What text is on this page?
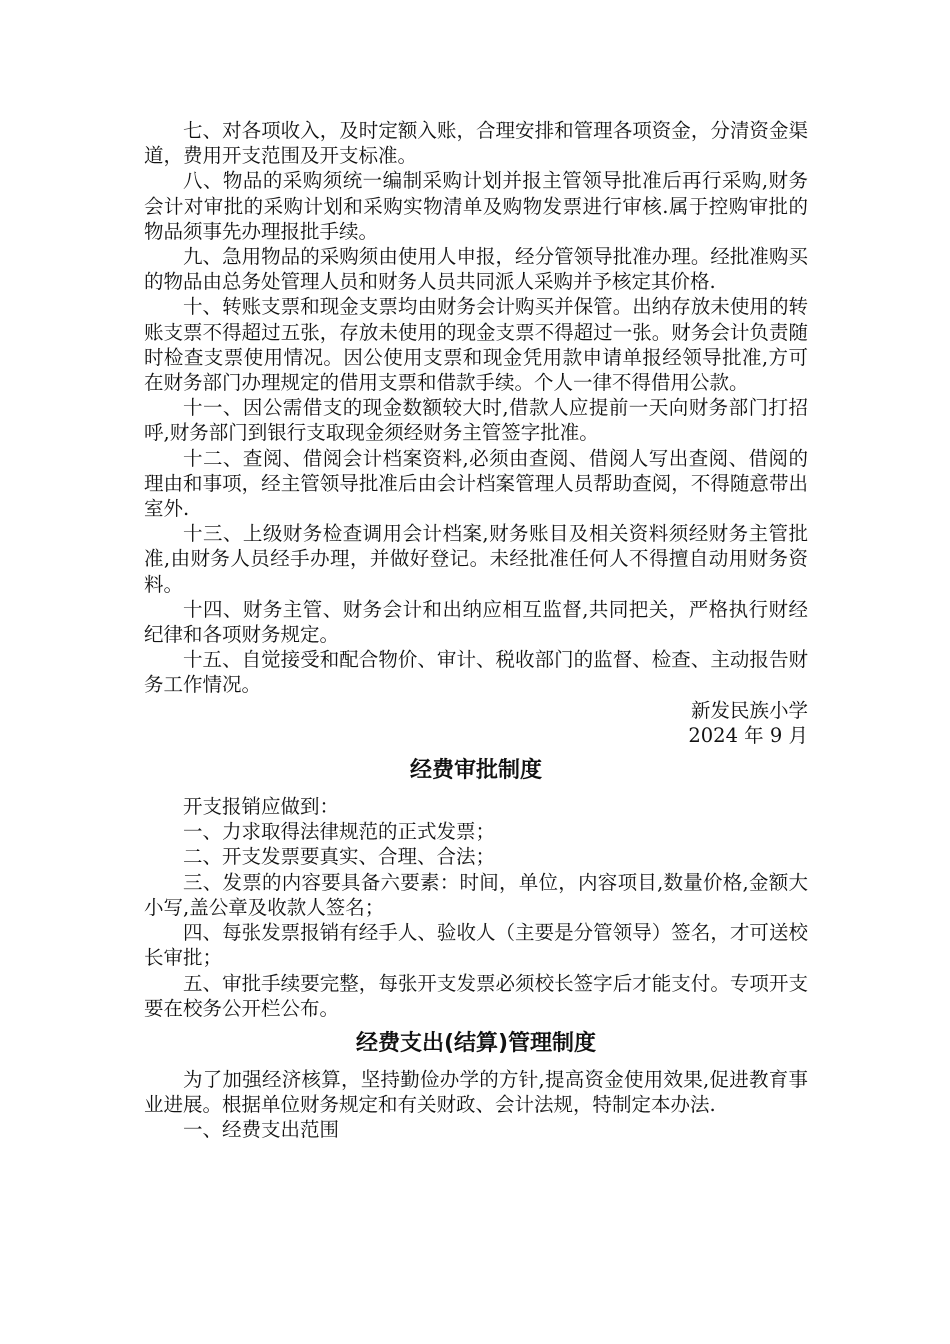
七、对各项收入，及时定额入账，合理安排和管理各项资金，分清资金渠道，费用开支范围及开支标准。

八、物品的采购须统一编制采购计划并报主管领导批准后再行采购,财务会计对审批的采购计划和采购实物清单及购物发票进行审核.属于控购审批的物品须事先办理报批手续。

九、急用物品的采购须由使用人申报，经分管领导批准办理。经批准购买的物品由总务处管理人员和财务人员共同派人采购并予核定其价格.

十、转账支票和现金支票均由财务会计购买并保管。出纳存放未使用的转账支票不得超过五张，存放未使用的现金支票不得超过一张。财务会计负责随时检查支票使用情况。因公使用支票和现金凭用款申请单报经领导批准,方可在财务部门办理规定的借用支票和借款手续。个人一律不得借用公款。

十一、因公需借支的现金数额较大时,借款人应提前一天向财务部门打招呼,财务部门到银行支取现金须经财务主管签字批准。

十二、查阅、借阅会计档案资料,必须由查阅、借阅人写出查阅、借阅的理由和事项，经主管领导批准后由会计档案管理人员帮助查阅，不得随意带出室外.

十三、上级财务检查调用会计档案,财务账目及相关资料须经财务主管批准,由财务人员经手办理，并做好登记。未经批准任何人不得擅自动用财务资料。

十四、财务主管、财务会计和出纳应相互监督,共同把关，严格执行财经纪律和各项财务规定。

十五、自觉接受和配合物价、审计、税收部门的监督、检查、主动报告财务工作情况。

新发民族小学

2024 年 9 月

经费审批制度

开支报销应做到：

一、力求取得法律规范的正式发票；

二、开支发票要真实、合理、合法；

三、发票的内容要具备六要素：时间，单位，内容项目,数量价格,金额大小写,盖公章及收款人签名；

四、每张发票报销有经手人、验收人（主要是分管领导）签名，才可送校长审批；

五、审批手续要完整，每张开支发票必须校长签字后才能支付。专项开支要在校务公开栏公布。

经费支出(结算)管理制度

为了加强经济核算，坚持勤俭办学的方针,提高资金使用效果,促进教育事业进展。根据单位财务规定和有关财政、会计法规，特制定本办法.

一、经费支出范围
